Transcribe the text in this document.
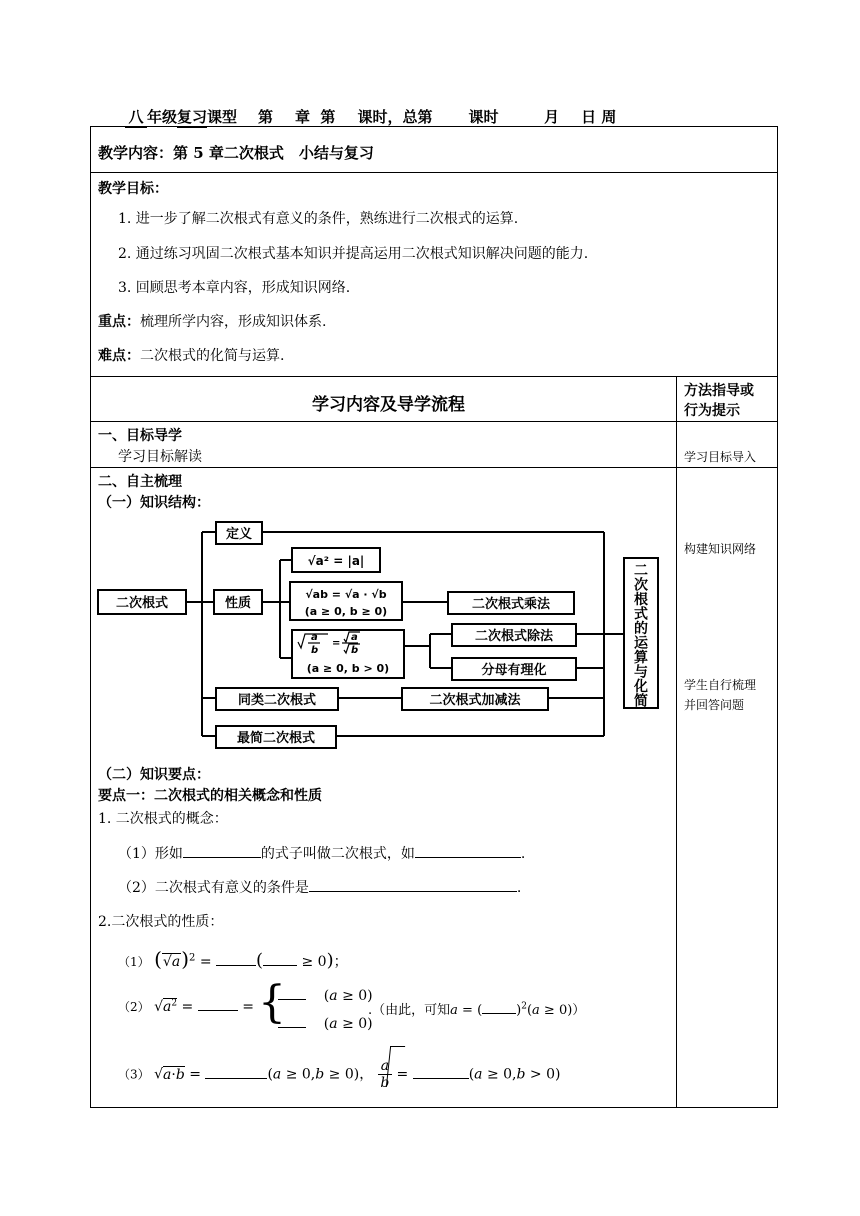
八 年级复习课型 第 章 第 课时，总第 课时	月 日 周
教学内容：第 5 章二次根式　小结与复习
教学目标：
1. 进一步了解二次根式有意义的条件，熟练进行二次根式的运算.
2. 通过练习巩固二次根式基本知识并提高运用二次根式知识解决问题的能力.
3. 回顾思考本章内容，形成知识网络.
重点：梳理所学内容，形成知识体系.
难点：二次根式的化简与运算.
学习内容及导学流程
方法指导或
行为提示
一、目标导学
学习目标解读	学习目标导入
二、自主梳理
（一）知识结构：
构建知识网络
学生自行梳理
并回答问题
二次根式
定义
性质
√a² = |a|
√ab = √a · √b
(a ≥ 0, b ≥ 0)
(a ≥ 0, b > 0)
二次根式乘法
二次根式除法
分母有理化
同类二次根式	二次根式加减法
最简二次根式
a
b
=
a
b
二
次
根
式
的
运
算
与
化
简
（二）知识要点：
要点一：二次根式的相关概念和性质
1. 二次根式的概念：
（1）形如	的式子叫做二次根式，如	.
（2）二次根式有意义的条件是	.
2.二次根式的性质：
（1） $(√a)^2$ = ( ≥ 0)；
（2） $√a^2$ =	= {	(a ≥ 0)
(a ≥ 0)
.（由此，可知a = (	)$^2$(a ≥ 0)）
（3） √a·b =	(a ≥ 0,b ≥ 0)， $\frac{a}{b}$ =	(a ≥ 0,b > 0)
